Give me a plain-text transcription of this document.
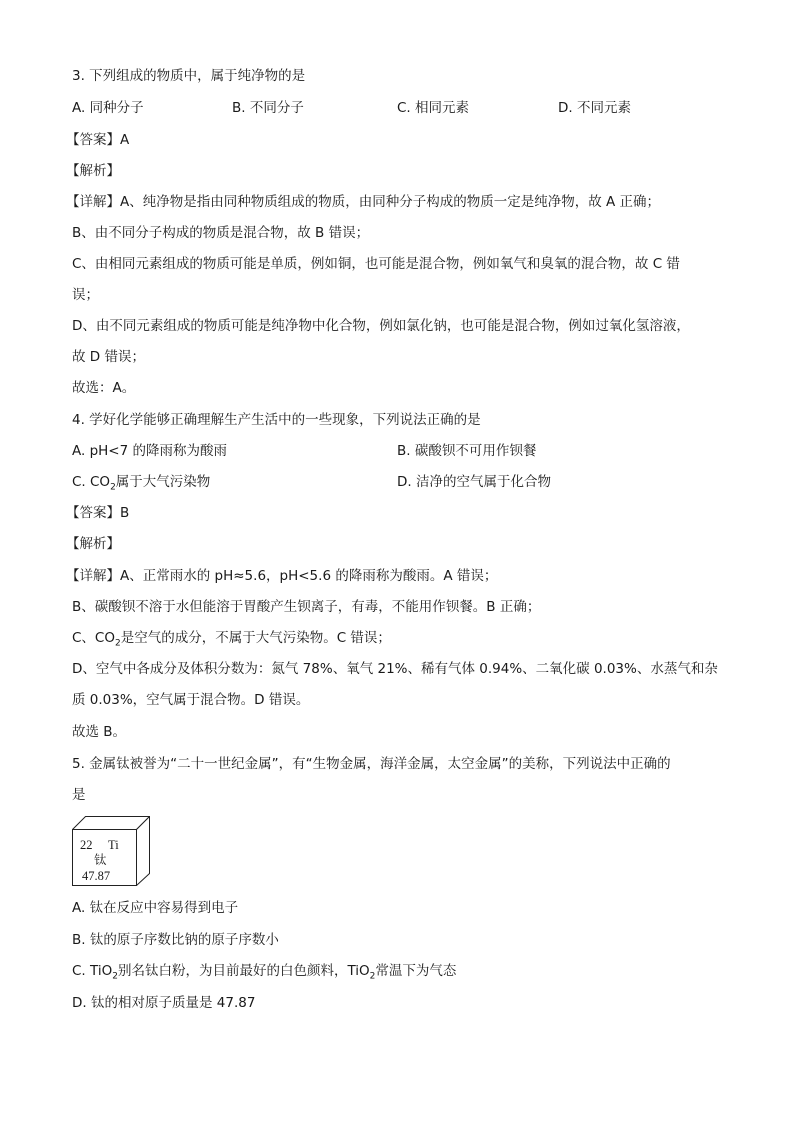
3. 下列组成的物质中，属于纯净物的是
A. 同种分子	B. 不同分子	C. 相同元素	D. 不同元素
【答案】A
【解析】
【详解】A、纯净物是指由同种物质组成的物质，由同种分子构成的物质一定是纯净物，故 A 正确；
B、由不同分子构成的物质是混合物，故 B 错误；
C、由相同元素组成的物质可能是单质，例如铜，也可能是混合物，例如氧气和臭氧的混合物，故 C 错
误；
D、由不同元素组成的物质可能是纯净物中化合物，例如氯化钠，也可能是混合物，例如过氧化氢溶液，
故 D 错误；
故选：A。
4. 学好化学能够正确理解生产生活中的一些现象，下列说法正确的是
A. pH<7 的降雨称为酸雨	B. 碳酸钡不可用作钡餐
C. $CO_2$属于大气污染物	D. 洁净的空气属于化合物
【答案】B
【解析】
【详解】A、正常雨水的 pH≈5.6，pH<5.6 的降雨称为酸雨。A 错误；
B、碳酸钡不溶于水但能溶于胃酸产生钡离子，有毒，不能用作钡餐。B 正确；
C、$CO_2$是空气的成分，不属于大气污染物。C 错误；
D、空气中各成分及体积分数为：氮气 78%、氧气 21%、稀有气体 0.94%、二氧化碳 0.03%、水蒸气和杂
质 0.03%，空气属于混合物。D 错误。
故选 B。
5. 金属钛被誉为“二十一世纪金属”，有“生物金属，海洋金属，太空金属”的美称，下列说法中正确的
是
22 Ti
钛
47.87
A. 钛在反应中容易得到电子
B. 钛的原子序数比钠的原子序数小
C. TiO$_2$别名钛白粉，为目前最好的白色颜料，TiO$_2$常温下为气态
D. 钛的相对原子质量是 47.87
